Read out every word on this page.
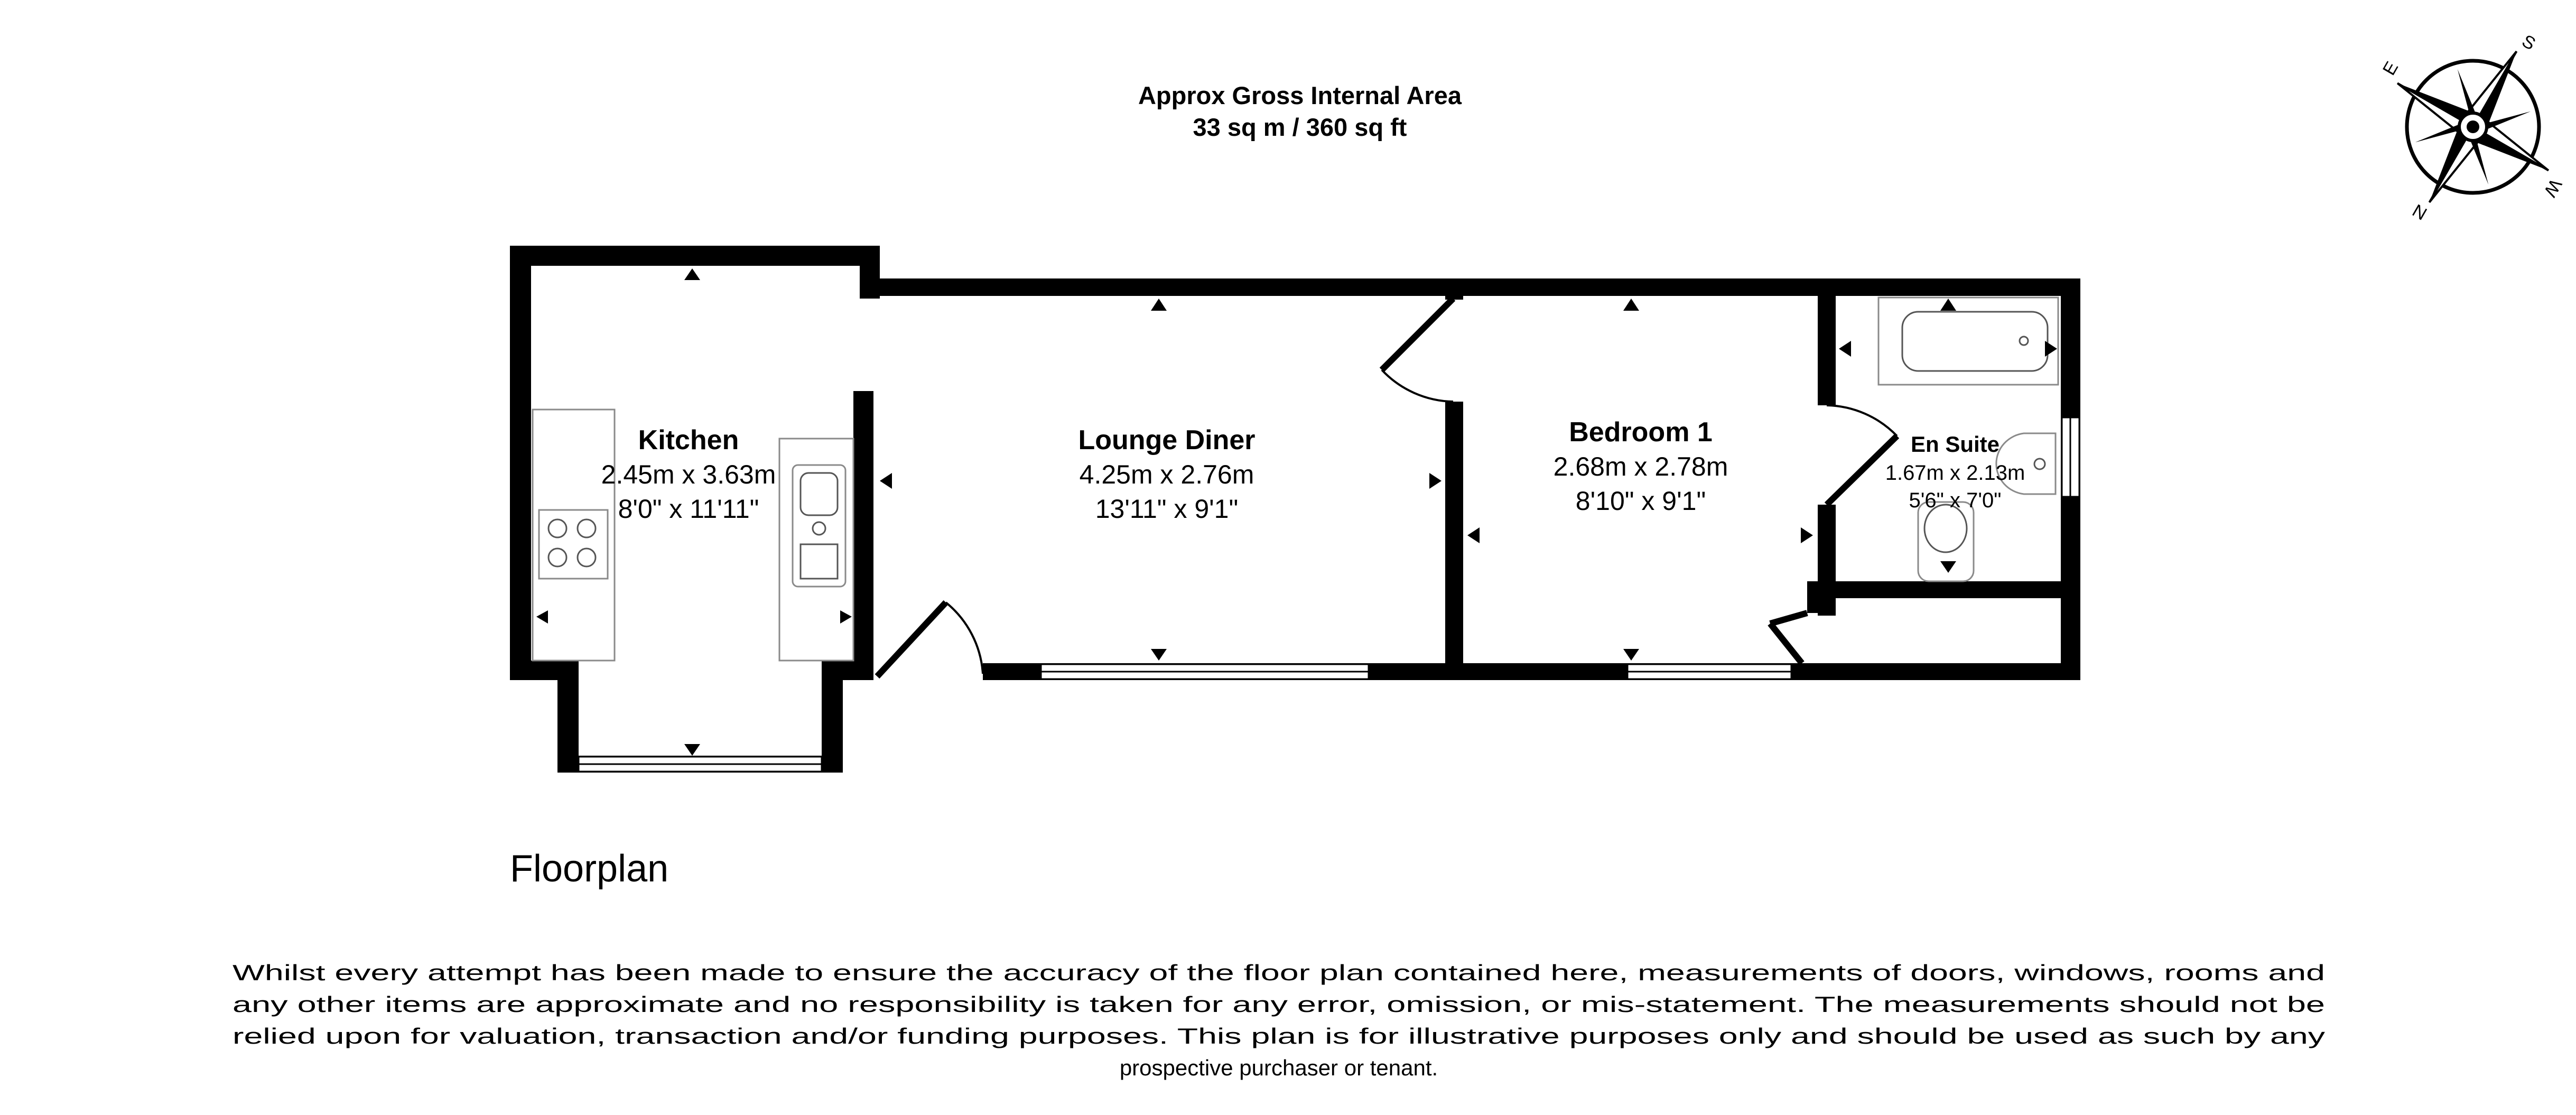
Approx Gross Internal Area
33 sq m / 360 sq ft
S
W
N
E
Kitchen
2.45m x 3.63m
8'0" x 11'11"
Lounge Diner
4.25m x 2.76m
13'11" x 9'1"
Bedroom 1
2.68m x 2.78m
8'10" x 9'1"
En Suite
1.67m x 2.13m
5'6" x 7'0"
Floorplan
Whilst every attempt has been made to ensure the accuracy of the floor plan contained here, measurements of doors, windows, rooms and
any other items are approximate and no responsibility is taken for any error, omission, or mis-statement. The measurements should not be
relied upon for valuation, transaction and/or funding purposes. This plan is for illustrative purposes only and should be used as such by any
prospective purchaser or tenant.
